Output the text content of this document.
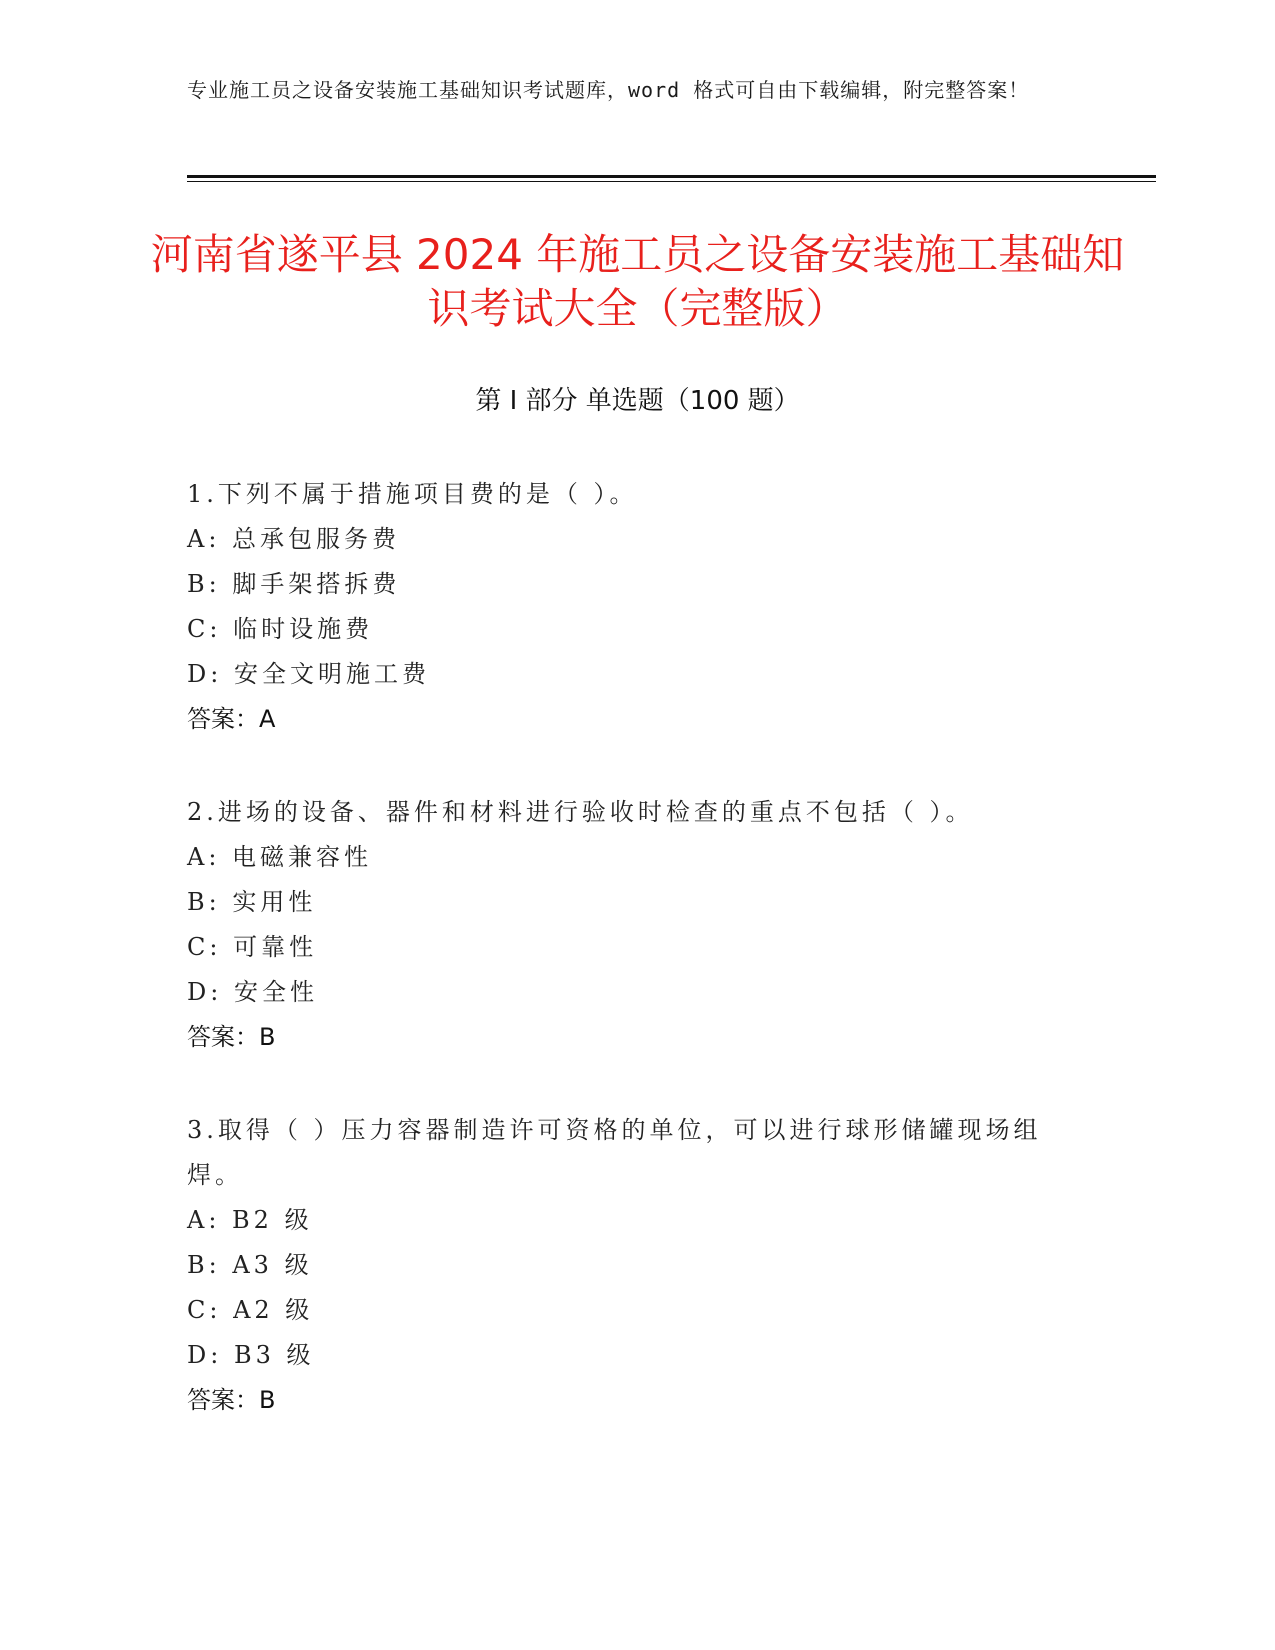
专业施工员之设备安装施工基础知识考试题库，word 格式可自由下载编辑，附完整答案！
河南省遂平县 2024 年施工员之设备安装施工基础知识考试大全（完整版）
第 I 部分 单选题（100 题）

1.下列不属于措施项目费的是（ ）。

A: 总承包服务费

B: 脚手架搭拆费

C: 临时设施费

D: 安全文明施工费

答案：A

2.进场的设备、器件和材料进行验收时检查的重点不包括（ ）。

A: 电磁兼容性

B: 实用性

C: 可靠性

D: 安全性

答案：B

3.取得（ ）压力容器制造许可资格的单位，可以进行球形储罐现场组焊。

A: B2 级

B: A3 级

C: A2 级

D: B3 级

答案：B
